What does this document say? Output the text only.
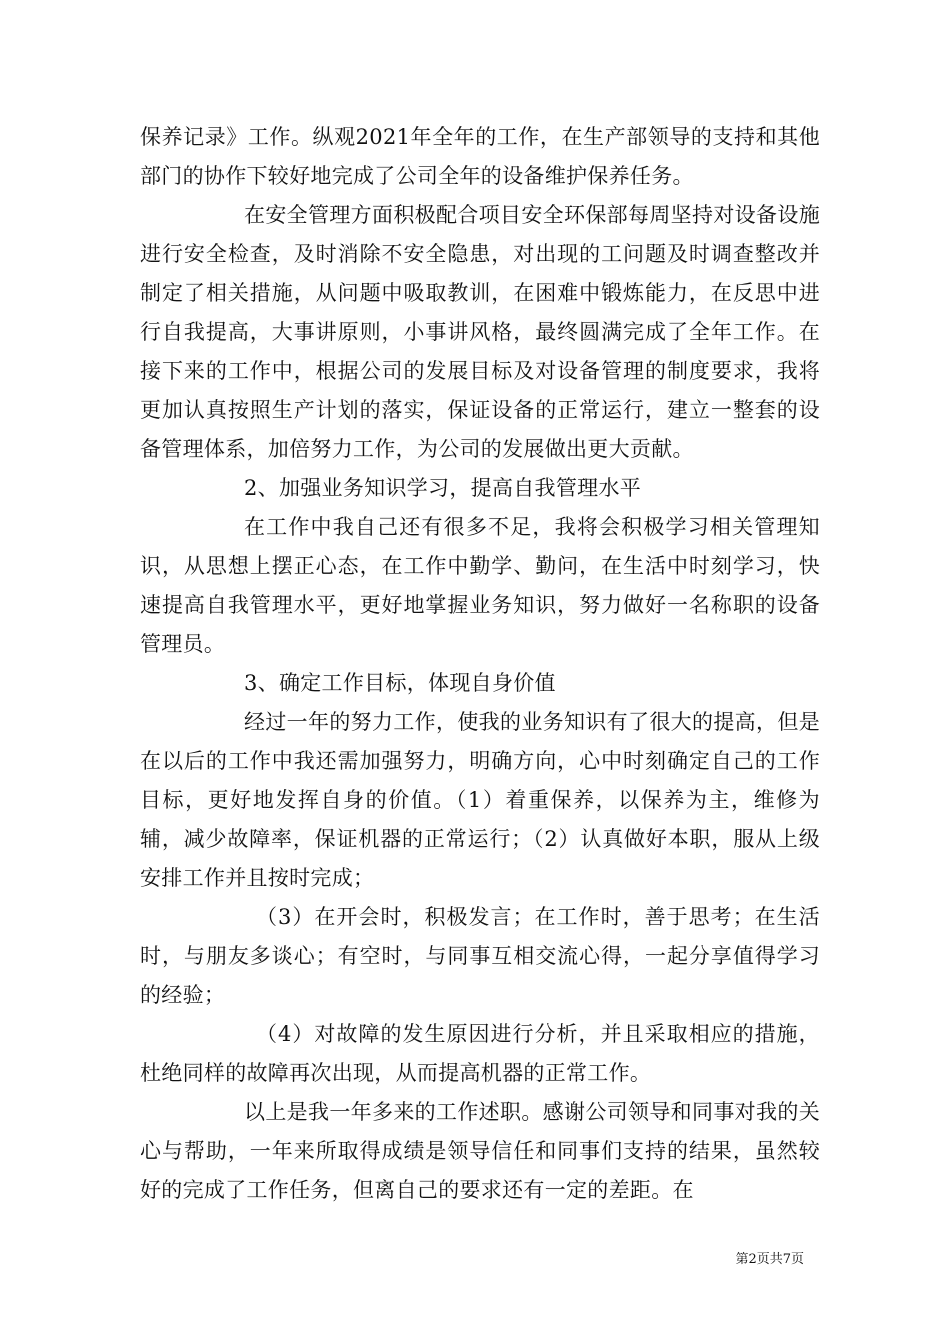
保养记录》工作。纵观2021年全年的工作，在生产部领导的支持和其他部门的协作下较好地完成了公司全年的设备维护保养任务。

在安全管理方面积极配合项目安全环保部每周坚持对设备设施进行安全检查，及时消除不安全隐患，对出现的工问题及时调查整改并制定了相关措施，从问题中吸取教训，在困难中锻炼能力，在反思中进行自我提高，大事讲原则，小事讲风格，最终圆满完成了全年工作。在接下来的工作中，根据公司的发展目标及对设备管理的制度要求，我将更加认真按照生产计划的落实，保证设备的正常运行，建立一整套的设备管理体系，加倍努力工作，为公司的发展做出更大贡献。

2、加强业务知识学习，提高自我管理水平

在工作中我自己还有很多不足，我将会积极学习相关管理知识，从思想上摆正心态，在工作中勤学、勤问，在生活中时刻学习，快速提高自我管理水平，更好地掌握业务知识，努力做好一名称职的设备管理员。

3、确定工作目标，体现自身价值

经过一年的努力工作，使我的业务知识有了很大的提高，但是在以后的工作中我还需加强努力，明确方向，心中时刻确定自己的工作目标，更好地发挥自身的价值。（1）着重保养，以保养为主，维修为辅，减少故障率，保证机器的正常运行；（2）认真做好本职，服从上级安排工作并且按时完成；

（3）在开会时，积极发言；在工作时，善于思考；在生活时，与朋友多谈心；有空时，与同事互相交流心得，一起分享值得学习的经验；

（4）对故障的发生原因进行分析，并且采取相应的措施，杜绝同样的故障再次出现，从而提高机器的正常工作。

以上是我一年多来的工作述职。感谢公司领导和同事对我的关心与帮助，一年来所取得成绩是领导信任和同事们支持的结果，虽然较好的完成了工作任务，但离自己的要求还有一定的差距。在

第2页共7页
